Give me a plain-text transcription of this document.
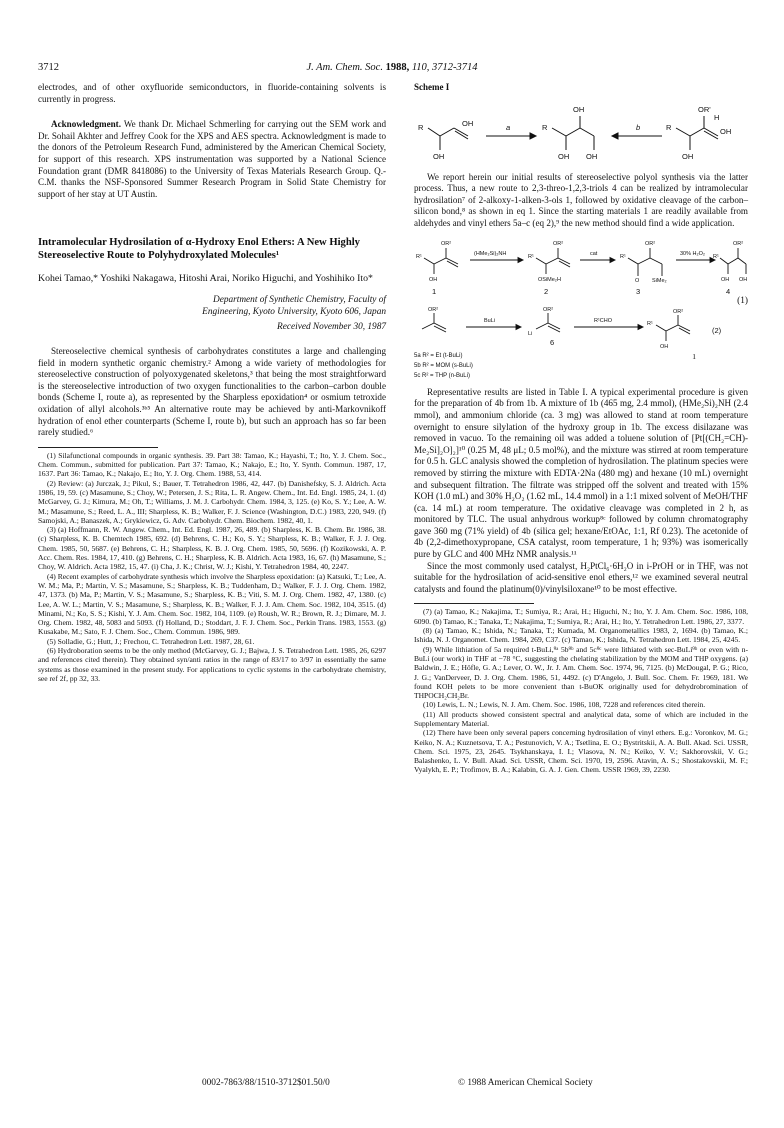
3712	J. Am. Chem. Soc. 1988, 110, 3712-3714

electrodes, and of other oxyfluoride semiconductors, in fluoride-containing solvents is currently in progress.

Acknowledgment. We thank Dr. Michael Schmerling for carrying out the SEM work and Dr. Sohail Akhter and Jeffrey Cook for the XPS and AES spectra. Acknowledgment is made to the donors of the Petroleum Research Fund, administered by the American Chemical Society, for support of this research. XPS instrumentation was supported by a National Science Foundation grant (DMR 8418086) to the University of Texas Materials Research Group. Q.-C.M. thanks the NSF-Sponsored Summer Research Program in Solid State Chemistry for support of her stay at UT Austin.

Intramolecular Hydrosilation of α-Hydroxy Enol Ethers: A New Highly Stereoselective Route to Polyhydroxylated Molecules¹
Kohei Tamao,* Yoshiki Nakagawa, Hitoshi Arai, Noriko Higuchi, and Yoshihiko Ito*
Department of Synthetic Chemistry, Faculty of
Engineering, Kyoto University, Kyoto 606, Japan
Received November 30, 1987

Stereoselective chemical synthesis of carbohydrates constitutes a large and challenging field in modern synthetic organic chemistry.² Among a wide variety of methodologies for stereoselective construction of polyoxygenated skeletons,³ that being the most straightforward is the stereoselective introduction of two oxygen functionalities to the carbon–carbon double bonds (Scheme I, route a), as represented by the Sharpless epoxidation⁴ or osmium tetroxide oxidation of allyl alcohols.³ᵇ⁵ An alternative route may be achieved by anti-Markovnikoff hydration of enol ether counterparts (Scheme I, route b), but such an approach has so far been rarely studied.⁶

(1) Silafunctional compounds in organic synthesis. 39. Part 38: Tamao, K.; Hayashi, T.; Ito, Y. J. Chem. Soc., Chem. Commun., submitted for publication. Part 37: Tamao, K.; Nakajo, E.; Ito, Y. Synth. Commun. 1987, 17, 1637. Part 36: Tamao, K.; Nakajo, E.; Ito, Y. J. Org. Chem. 1988, 53, 414.

(2) Review: (a) Jurczak, J.; Pikul, S.; Bauer, T. Tetrahedron 1986, 42, 447. (b) Danishefsky, S. J. Aldrich. Acta 1986, 19, 59. (c) Masamune, S.; Choy, W.; Petersen, J. S.; Rita, L. R. Angew. Chem., Int. Ed. Engl. 1985, 24, 1. (d) McGarvey, G. J.; Kimura, M.; Oh, T.; Williams, J. M. J. Carbohydr. Chem. 1984, 3, 125. (e) Ko, S. Y.; Lee, A. W. M.; Masamune, S.; Reed, L. A., III; Sharpless, K. B.; Walker, F. J. Science (Washington, D.C.) 1983, 220, 949. (f) Samojski, A.; Banaszek, A.; Grykiewicz, G. Adv. Carbohydr. Chem. Biochem. 1982, 40, 1.

(3) (a) Hoffmann, R. W. Angew. Chem., Int. Ed. Engl. 1987, 26, 489. (b) Sharpless, K. B. Chem. Br. 1986, 38. (c) Sharpless, K. B. Chemtech 1985, 692. (d) Behrens, C. H.; Ko, S. Y.; Sharpless, K. B.; Walker, F. J. J. Org. Chem. 1985, 50, 5687. (e) Behrens, C. H.; Sharpless, K. B. J. Org. Chem. 1985, 50, 5696. (f) Kozikowski, A. P. Acc. Chem. Res. 1984, 17, 410. (g) Behrens, C. H.; Sharpless, K. B. Aldrich. Acta 1983, 16, 67. (h) Masamune, S.; Choy, W. Aldrich. Acta 1982, 15, 47. (i) Cha, J. K.; Christ, W. J.; Kishi, Y. Tetrahedron 1984, 40, 2247.

(4) Recent examples of carbohydrate synthesis which involve the Sharpless epoxidation: (a) Katsuki, T.; Lee, A. W. M.; Ma, P.; Martin, V. S.; Masamune, S.; Sharpless, K. B.; Tuddenham, D.; Walker, F. J. J. Org. Chem. 1982, 47, 1373. (b) Ma, P.; Martin, V. S.; Masamune, S.; Sharpless, K. B.; Viti, S. M. J. Org. Chem. 1982, 47, 1380. (c) Lee, A. W. L.; Martin, V. S.; Masamune, S.; Sharpless, K. B.; Walker, F. J. J. Am. Chem. Soc. 1982, 104, 3515. (d) Minami, N.; Ko, S. S.; Kishi, Y. J. Am. Chem. Soc. 1982, 104, 1109. (e) Roush, W. R.; Brown, R. J.; Dimare, M. J. Org. Chem. 1982, 48, 5083 and 5093. (f) Holland, D.; Stoddart, J. F. J. Chem. Soc., Perkin Trans. 1983, 1553. (g) Kusakabe, M.; Sato, F. J. Chem. Soc., Chem. Commun. 1986, 989.

(5) Solladie, G.; Hutt, J.; Frechou, C. Tetrahedron Lett. 1987, 28, 61.

(6) Hydroboration seems to be the only method (McGarvey, G. J.; Bajwa, J. S. Tetrahedron Lett. 1985, 26, 6297 and references cited therein). They obtained syn/anti ratios in the range of 83/17 to 3/97 in essentially the same systems as those examined in the present study. For applications to cyclic systems in the carbohydrate chemistry, see ref 2f, pp 32, 33.

Scheme I
R
OH
OH	a	R
OH
OH OH
b	R
OR'
H
OH
OH

We report herein our initial results of stereoselective polyol synthesis via the latter process. Thus, a new route to 2,3-threo-1,2,3-triols 4 can be realized by intramolecular hydrosilation⁷ of 2-alkoxy-1-alken-3-ols 1, followed by oxidative cleavage of the carbon–silicon bond,⁸ as shown in eq 1. Since the starting materials 1 are readily available from aldehydes and vinyl ethers 5a–c (eq 2),⁹ the new method should find a wide application.

R¹
OR²
OH
(HMe₂Si)₂NH	R¹
OR²
OSiMe₂H
cat	R¹
OR²
O SiMe₂
30% H₂O₂ R¹
OR²
OH OH
1	2	3	4
(1)
OR²
BuLi
OR²
Li
R¹CHO	R¹
OR²
OH
6
(2)
5a R² = Et (t-BuLi)
5b R² = MOM (s-BuLi)
5c R² = THP (n-BuLi)
1

Representative results are listed in Table I. A typical experimental procedure is given for the preparation of 4b from 1b. A mixture of 1b (465 mg, 2.4 mmol), (HMe₂Si)₂NH (2.4 mmol), and ammonium chloride (ca. 3 mg) was allowed to stand at room temperature overnight to ensure silylation of the hydroxy group in 1b. The excess disilazane was removed in vacuo. To the remaining oil was added a toluene solution of [Pt[(CH₂=CH)-Me₂Si]₂O]₂]¹⁰ (0.25 M, 48 μL; 0.5 mol%), and the mixture was stirred at room temperature for 0.5 h. GLC analysis showed the completion of hydrosilation. The platinum species were removed by stirring the mixture with EDTA·2Na (480 mg) and hexane (10 mL) overnight and subsequent filtration. The filtrate was stripped off the solvent and treated with 15% KOH (1.0 mL) and 30% H₂O₂ (1.62 mL, 14.4 mmol) in a 1:1 mixed solvent of MeOH/THF (ca. 14 mL) at room temperature. The oxidative cleavage was completed in 2 h, as monitored by TLC. The usual anhydrous workup⁸ᶜ followed by column chromatography gave 360 mg (71% yield) of 4b (silica gel; hexane/EtOAc, 1:1, Rf 0.23). The acetonide of 4b (2,2-dimethoxypropane, CSA catalyst, room temperature, 1 h; 93%) was isomerically pure by GLC and 400 MHz NMR analysis.¹¹

Since the most commonly used catalyst, H₂PtCl₆·6H₂O in i-PrOH or in THF, was not suitable for the hydrosilation of acid-sensitive enol ethers,¹² we examined several neutral catalysts and found the platinum(0)/vinylsiloxane¹⁰ to be most effective.

(7) (a) Tamao, K.; Nakajima, T.; Sumiya, R.; Arai, H.; Higuchi, N.; Ito, Y. J. Am. Chem. Soc. 1986, 108, 6090. (b) Tamao, K.; Tanaka, T.; Nakajima, T.; Sumiya, R.; Arai, H.; Ito, Y. Tetrahedron Lett. 1986, 27, 3377.

(8) (a) Tamao, K.; Ishida, N.; Tanaka, T.; Kumada, M. Organometallics 1983, 2, 1694. (b) Tamao, K.; Ishida, N. J. Organomet. Chem. 1984, 269, C37. (c) Tamao, K.; Ishida, N. Tetrahedron Lett. 1984, 25, 4245.

(9) While lithiation of 5a required t-BuLi,⁹ᵃ 5b⁹ᵇ and 5c⁹ᶜ were lithiated with sec-BuLi⁹ᵇ or even with n-BuLi (our work) in THF at −78 °C, suggesting the chelating stabilization by the MOM and THP oxygens. (a) Baldwin, J. E.; Höfle, G. A.; Lever, O. W., Jr. J. Am. Chem. Soc. 1974, 96, 7125. (b) McDougal, P. G.; Rico, J. G.; VanDerveer, D. J. Org. Chem. 1986, 51, 4492. (c) D'Angelo, J. Bull. Soc. Chem. Fr. 1969, 181. We found KOH pelets to be more convenient than t-BuOK originally used for dehydrobromination of THPOCH₂CH₂Br.

(10) Lewis, L. N.; Lewis, N. J. Am. Chem. Soc. 1986, 108, 7228 and references cited therein.

(11) All products showed consistent spectral and analytical data, some of which are included in the Supplementary Material.

(12) There have been only several papers concerning hydrosilation of vinyl ethers. E.g.: Voronkov, M. G.; Keiko, N. A.; Kuznetsova, T. A.; Pestunovich, V. A.; Tsetlina, E. O.; Bystritskii, A. A. Bull. Akad. Sci. USSR, Chem. Sci. 1975, 23, 2645. Tsykhanskaya, I. I.; Vlasova, N. N.; Keiko, V. V.; Sakhorovskii, V. G.; Balashenko, L. V. Bull. Akad. Sci. USSR, Chem. Sci. 1970, 19, 2596. Atavin, A. S.; Shostakovskii, M. F.; Vyalykh, E. P.; Trofimov, B. A.; Kalabin, G. A. J. Gen. Chem. USSR 1969, 39, 2230.

0002-7863/88/1510-3712$01.50/0	© 1988 American Chemical Society
